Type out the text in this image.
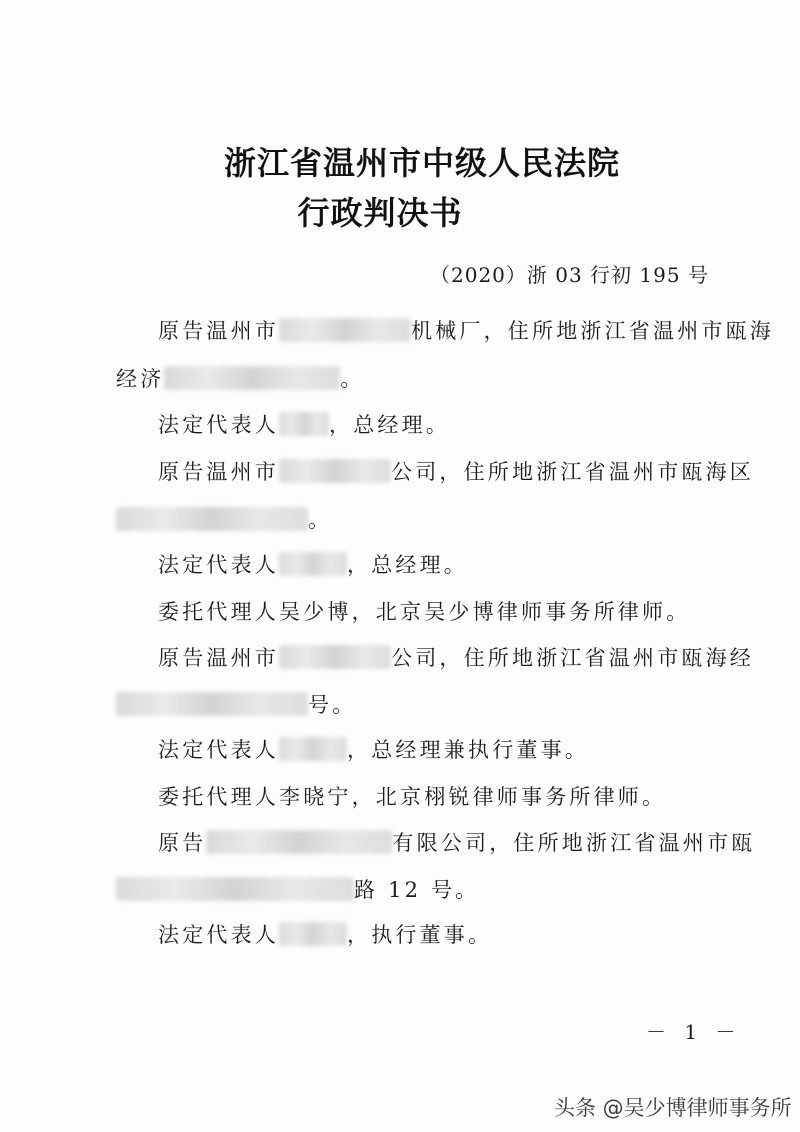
浙江省温州市中级人民法院
行政判决书
（2020）浙 03 行初 195 号
原告温州市	机械厂，住所地浙江省温州市瓯海
经济	。
法定代表人 ，总经理。
原告温州市	公司，住所地浙江省温州市瓯海区
。
法定代表人	，总经理。
委托代理人吴少博，北京吴少博律师事务所律师。
原告温州市	公司，住所地浙江省温州市瓯海经
号。
法定代表人	，总经理兼执行董事。
委托代理人李晓宁，北京栩锐律师事务所律师。
原告	有限公司，住所地浙江省温州市瓯
路 12 号。
法定代表人	，执行董事。
－ 1 －
头条 @吴少博律师事务所
